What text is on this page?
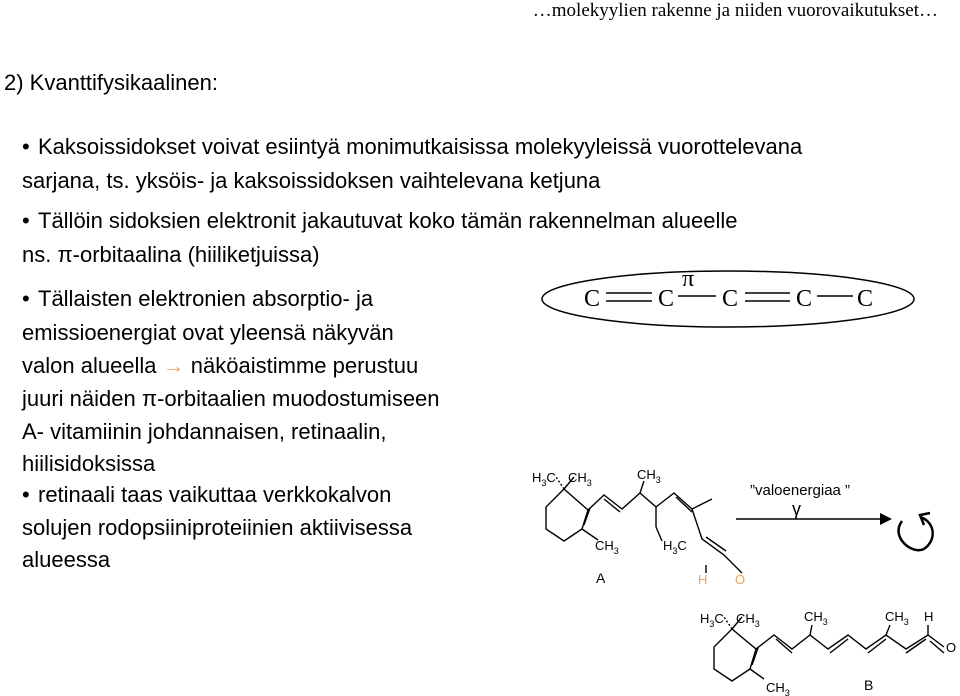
…molekyylien rakenne ja niiden vuorovaikutukset…
2) Kvanttifysikaalinen:
• Kaksoissidokset voivat esiintyä monimutkaisissa molekyyleissä vuorottelevana
sarjana, ts. yksöis- ja kaksoissidoksen vaihtelevana ketjuna
• Tällöin sidoksien elektronit jakautuvat koko tämän rakennelman alueelle
ns. π-orbitaalina (hiiliketjuissa)
• Tällaisten elektronien absorptio- ja
emissioenergiat ovat yleensä näkyvän
valon alueella → näköaistimme perustuu
juuri näiden π-orbitaalien muodostumiseen
A- vitamiinin johdannaisen, retinaalin,
hiilisidoksissa
• retinaali taas vaikuttaa verkkokalvon
solujen rodopsiiniproteiinien aktiivisessa
alueessa
π
C C C C C
$H_3C$ $CH_3$
$CH_3$
$CH_3$	$H_3C$
H O
A
”valoenergiaa ”
γ
$H_3C$ $CH_3$	$CH_3$	$CH_3$ H
O
$CH_3$	B
